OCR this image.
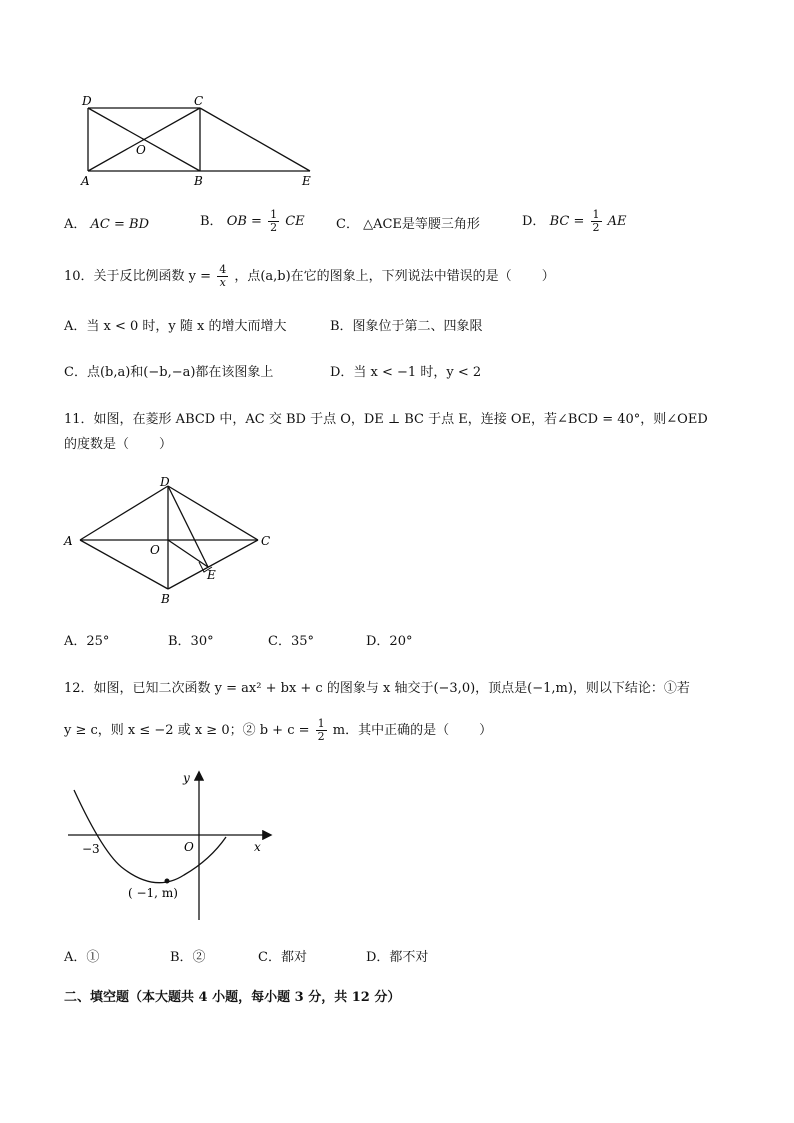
D	C
O
A	B	E
A． AC = BD	B． OB = $\frac{1}{2}$ CE C． △ACE是等腰三角形	D． BC = $\frac{1}{2}$ AE
10．关于反比例函数 $y = \frac{4}{x}$ ，点(a,b)在它的图象上，下列说法中错误的是（ ）
A．当 x < 0 时，y 随 x 的增大而增大	B．图象位于第二、四象限
C．点(b,a)和(−b,−a)都在该图象上	D．当 x < −1 时，y < 2
11．如图，在菱形 ABCD 中，AC 交 BD 于点 O，DE ⊥ BC 于点 E，连接 OE，若∠BCD = 40°，则∠OED
的度数是（ ）
D
A
O
C
E
B
A．25°	B．30°	C．35°	D．20°
12．如图，已知二次函数 y = ax² + bx + c 的图象与 x 轴交于(−3,0)，顶点是(−1,m)，则以下结论：①若
y ≥ c，则 x ≤ −2 或 x ≥ 0；② $b + c = \frac{1}{2}$ m．其中正确的是（ ）
y
x
O
−3
( −1, m)
A．①	B．②	C．都对	D．都不对
二、填空题（本大题共 4 小题，每小题 3 分，共 12 分）
